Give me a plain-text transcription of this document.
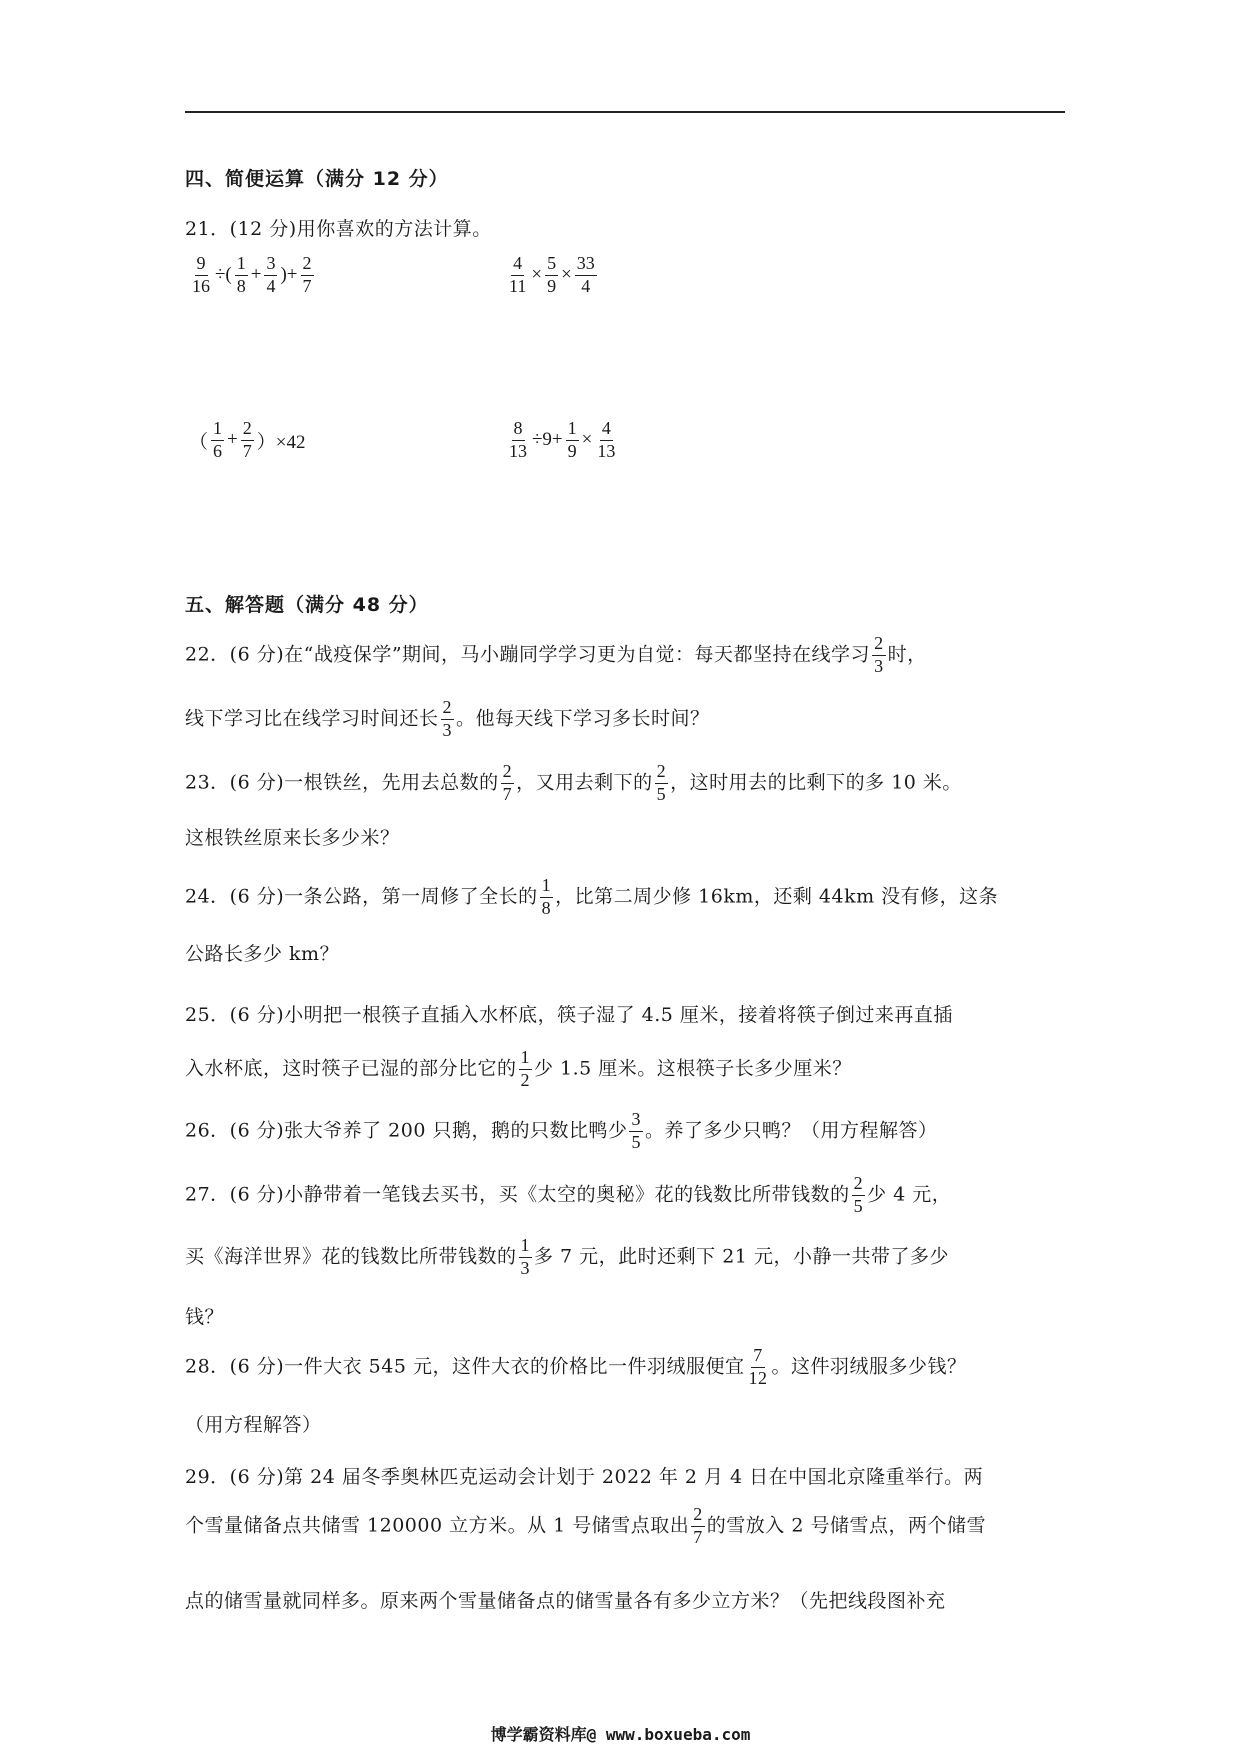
四、简便运算（满分 12 分）
21．(12 分)用你喜欢的方法计算。
$\frac{9}{16}$ ÷( $\frac{1}{8} + \frac{3}{4}$ )+ $\frac{2}{7}$	$\frac{4}{11} \times \frac{5}{9} \times \frac{33}{4}$
（ $\frac{1}{6} + \frac{2}{7} )\times 42$	$\frac{8}{13} \div 9+ \frac{1}{9} \times \frac{4}{13}$
五、解答题（满分 48 分）
22．(6 分)在“战疫保学”期间，马小蹦同学学习更为自觉：每天都坚持在线学习 $\frac{2}{3}$ 时，
线下学习比在线学习时间还长 $\frac{2}{3}$ 。他每天线下学习多长时间？
23．(6 分)一根铁丝，先用去总数的 $\frac{2}{7}$ ，又用去剩下的 $\frac{2}{5}$ ，这时用去的比剩下的多 10 米。
这根铁丝原来长多少米？
24．(6 分)一条公路，第一周修了全长的 $\frac{1}{8}$ ，比第二周少修 16km，还剩 44km 没有修，这条
公路长多少 km？
25．(6 分)小明把一根筷子直插入水杯底，筷子湿了 4.5 厘米，接着将筷子倒过来再直插
入水杯底，这时筷子已湿的部分比它的 $\frac{1}{2}$ 少 1.5 厘米。这根筷子长多少厘米？
26．(6 分)张大爷养了 200 只鹅，鹅的只数比鸭少 $\frac{3}{5}$ 。养了多少只鸭？（用方程解答）
27．(6 分)小静带着一笔钱去买书，买《太空的奥秘》花的钱数比所带钱数的 $\frac{2}{5}$ 少 4 元，
买《海洋世界》花的钱数比所带钱数的 $\frac{1}{3}$ 多 7 元，此时还剩下 21 元，小静一共带了多少
钱？
28．(6 分)一件大衣 545 元，这件大衣的价格比一件羽绒服便宜 $\frac{7}{12}$ 。这件羽绒服多少钱？
（用方程解答）
29．(6 分)第 24 届冬季奥林匹克运动会计划于 2022 年 2 月 4 日在中国北京隆重举行。两
个雪量储备点共储雪 120000 立方米。从 1 号储雪点取出 $\frac{2}{7}$ 的雪放入 2 号储雪点，两个储雪
点的储雪量就同样多。原来两个雪量储备点的储雪量各有多少立方米？（先把线段图补充
博学霸资料库@ www.boxueba.com
